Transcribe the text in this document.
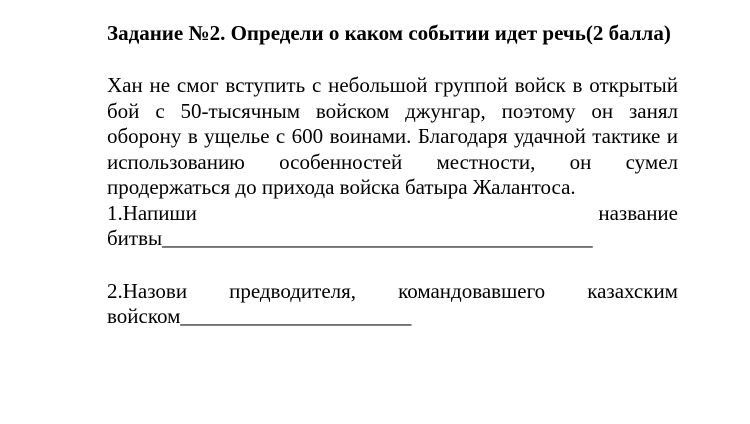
Задание №2. Определи о каком событии идет речь(2 балла)

Хан не смог вступить с небольшой группой войск в открытый бой с 50-тысячным войском джунгар, поэтому он занял оборону в ущелье с 600 воинами. Благодаря удачной тактике и использованию особенностей местности, он сумел продержаться до прихода войска батыра Жалантоса.

1.Напиши	название
битвы_________________________________________
2.Назови предводителя, командовавшего казахским
войском______________________
